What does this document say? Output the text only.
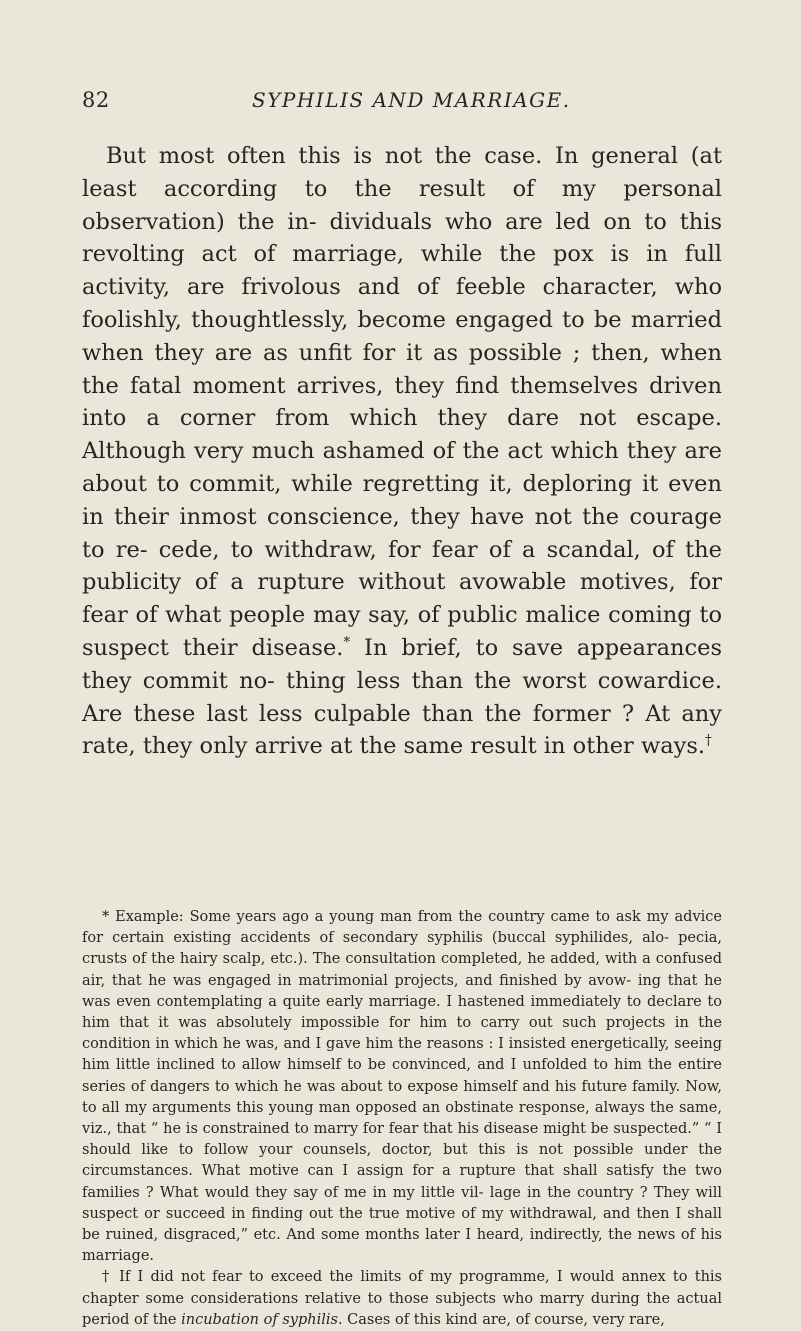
82	SYPHILIS AND MARRIAGE.

But most often this is not the case. In general (at least according to the result of my personal observation) the in- dividuals who are led on to this revolting act of marriage, while the pox is in full activity, are frivolous and of feeble character, who foolishly, thoughtlessly, become engaged to be married when they are as unfit for it as possible ; then, when the fatal moment arrives, they find themselves driven into a corner from which they dare not escape. Although very much ashamed of the act which they are about to commit, while regretting it, deploring it even in their inmost conscience, they have not the courage to re- cede, to withdraw, for fear of a scandal, of the publicity of a rupture without avowable motives, for fear of what people may say, of public malice coming to suspect their disease.* In brief, to save appearances they commit no- thing less than the worst cowardice. Are these last less culpable than the former ? At any rate, they only arrive at the same result in other ways.†

* Example: Some years ago a young man from the country came to ask my advice for certain existing accidents of secondary syphilis (buccal syphilides, alo- pecia, crusts of the hairy scalp, etc.). The consultation completed, he added, with a confused air, that he was engaged in matrimonial projects, and finished by avow- ing that he was even contemplating a quite early marriage. I hastened immediately to declare to him that it was absolutely impossible for him to carry out such projects in the condition in which he was, and I gave him the reasons : I insisted energetically, seeing him little inclined to allow himself to be convinced, and I unfolded to him the entire series of dangers to which he was about to expose himself and his future family. Now, to all my arguments this young man opposed an obstinate response, always the same, viz., that “ he is constrained to marry for fear that his disease might be suspected.” “ I should like to follow your counsels, doctor, but this is not possible under the circumstances. What motive can I assign for a rupture that shall satisfy the two families ? What would they say of me in my little vil- lage in the country ? They will suspect or succeed in finding out the true motive of my withdrawal, and then I shall be ruined, disgraced,” etc. And some months later I heard, indirectly, the news of his marriage.

† If I did not fear to exceed the limits of my programme, I would annex to this chapter some considerations relative to those subjects who marry during the actual period of the incubation of syphilis. Cases of this kind are, of course, very rare,
